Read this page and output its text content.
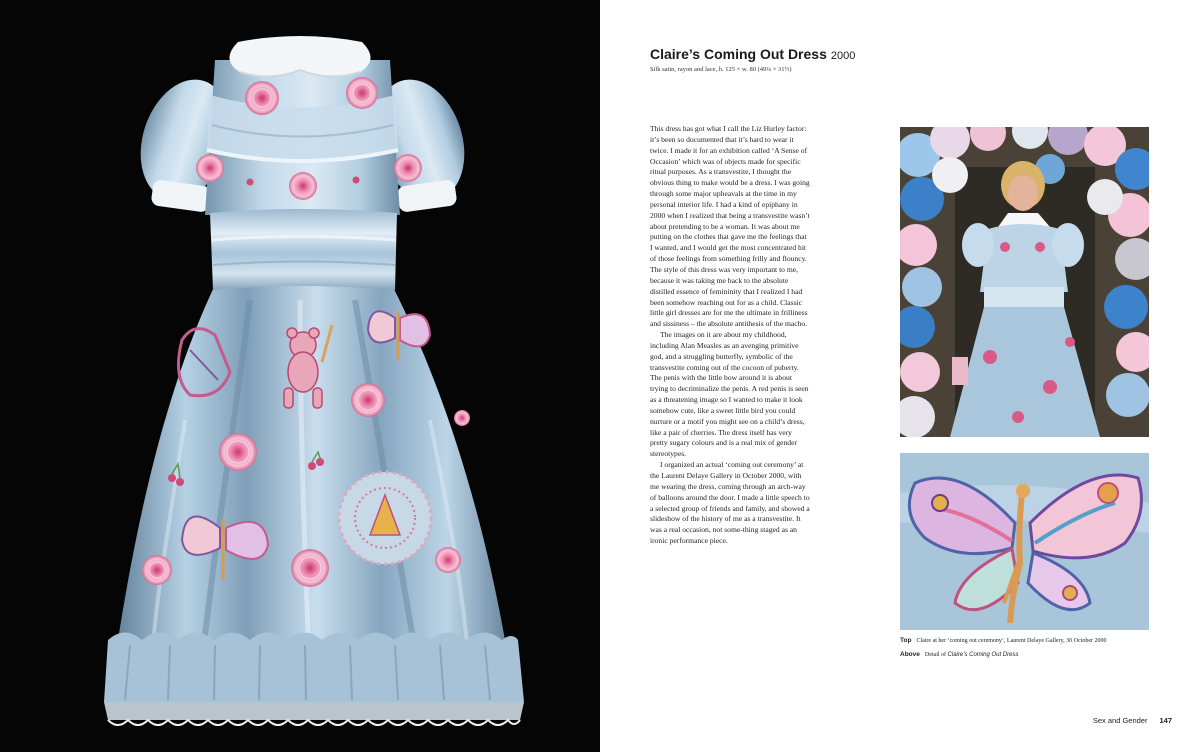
Claire’s Coming Out Dress 2000
Silk satin, rayon and lace, h. 125 × w. 80 (49¼ × 31½)

This dress has got what I call the Liz Hurley factor: it’s been so documented that it’s hard to wear it twice. I made it for an exhibition called ‘A Sense of Occasion’ which was of objects made for specific ritual purposes. As a transvestite, I thought the obvious thing to make would be a dress. I was going through some major upheavals at the time in my personal interior life. I had a kind of epiphany in 2000 when I realized that being a transvestite wasn’t about pretending to be a woman. It was about me putting on the clothes that gave me the feelings that I wanted, and I would get the most concentrated hit of those feelings from something frilly and flouncy. The style of this dress was very important to me, because it was taking me back to the absolute distilled essence of femininity that I realized I had been somehow reaching out for as a child. Classic little girl dresses are for me the ultimate in frilliness and sissiness – the absolute antithesis of the macho.

The images on it are about my childhood, including Alan Measles as an avenging primitive god, and a struggling butterfly, symbolic of the transvestite coming out of the cocoon of puberty. The penis with the little bow around it is about trying to decriminalize the penis. A red penis is seen as a threatening image so I wanted to make it look somehow cute, like a sweet little bird you could nurture or a motif you might see on a child’s dress, like a pair of cherries. The dress itself has very pretty sugary colours and is a real mix of gender stereotypes.

I organized an actual ‘coming out ceremony’ at the Laurent Delaye Gallery in October 2000, with me wearing the dress, coming through an arch-way of balloons around the door. I made a little speech to a selected group of friends and family, and showed a slideshow of the history of me as a transvestite. It was a real occasion, not some-thing staged as an ironic performance piece.

Top Claire at her ‘coming out ceremony’, Laurent Delaye Gallery, 30 October 2000
Above Detail of Claire’s Coming Out Dress
Sex and Gender 147
